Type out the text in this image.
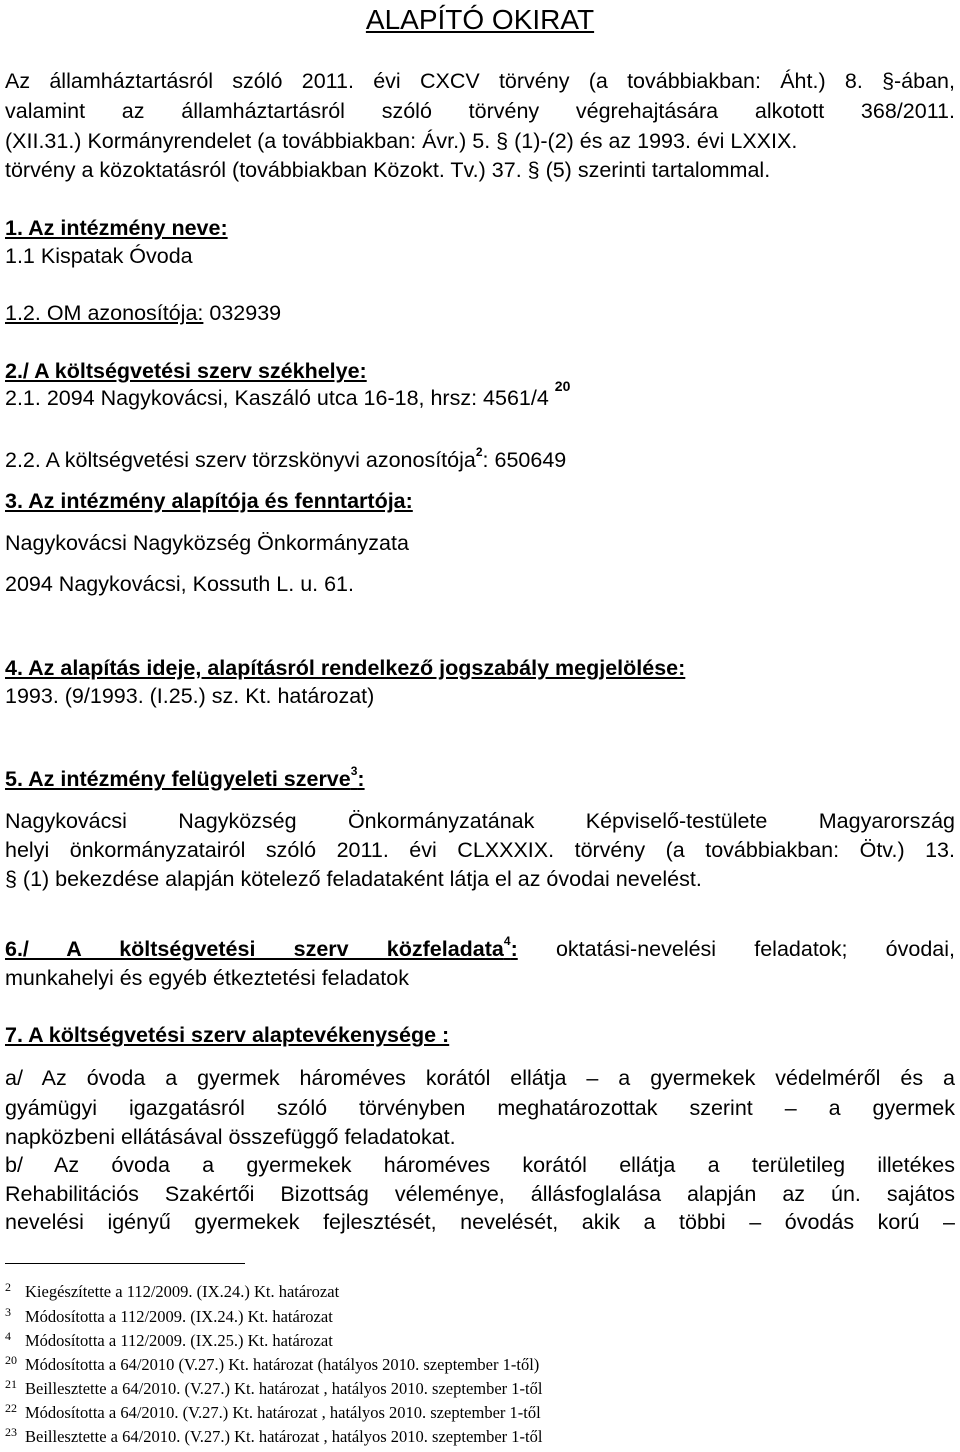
ALAPÍTÓ OKIRAT
Az államháztartásról szóló 2011. évi CXCV törvény (a továbbiakban: Áht.) 8. §-ában,
valamint az államháztartásról szóló törvény végrehajtására alkotott 368/2011.
(XII.31.) Kormányrendelet (a továbbiakban: Ávr.) 5. § (1)-(2) és az 1993. évi LXXIX.
törvény a közoktatásról (továbbiakban Közokt. Tv.) 37. § (5) szerinti tartalommal.
1. Az intézmény neve:
1.1 Kispatak Óvoda
1.2. OM azonosítója: 032939
2./ A költségvetési szerv székhelye:
2.1. 2094 Nagykovácsi, Kaszáló utca 16-18, hrsz: 4561/4 $^{20}$
2.2. A költségvetési szerv törzskönyvi azonosítója$^2$: 650649
3. Az intézmény alapítója és fenntartója:
Nagykovácsi Nagyközség Önkormányzata
2094 Nagykovácsi, Kossuth L. u. 61.
4. Az alapítás ideje, alapításról rendelkező jogszabály megjelölése:
1993. (9/1993. (I.25.) sz. Kt. határozat)
5. Az intézmény felügyeleti szerve$^3$:
Nagykovácsi Nagyközség Önkormányzatának Képviselő-testülete Magyarország
helyi önkormányzatairól szóló 2011. évi CLXXXIX. törvény (a továbbiakban: Ötv.) 13.
§ (1) bekezdése alapján kötelező feladataként látja el az óvodai nevelést.
6./ A költségvetési szerv közfeladata$^4$: oktatási-nevelési feladatok; óvodai,
munkahelyi és egyéb étkeztetési feladatok
7. A költségvetési szerv alaptevékenysége :
a/ Az óvoda a gyermek hároméves korától ellátja – a gyermekek védelméről és a
gyámügyi igazgatásról szóló törvényben meghatározottak szerint – a gyermek
napközbeni ellátásával összefüggő feladatokat.
b/ Az óvoda a gyermekek hároméves korától ellátja a területileg illetékes
Rehabilitációs Szakértői Bizottság véleménye, állásfoglalása alapján az ún. sajátos
nevelési igényű gyermekek fejlesztését, nevelését, akik a többi – óvodás korú –
2 Kiegészítette a 112/2009. (IX.24.) Kt. határozat
3 Módosította a 112/2009. (IX.24.) Kt. határozat
4 Módosította a 112/2009. (IX.25.) Kt. határozat
20 Módosította a 64/2010 (V.27.) Kt. határozat (hatályos 2010. szeptember 1-től)
21 Beillesztette a 64/2010. (V.27.) Kt. határozat , hatályos 2010. szeptember 1-től
22 Módosította a 64/2010. (V.27.) Kt. határozat , hatályos 2010. szeptember 1-től
23 Beillesztette a 64/2010. (V.27.) Kt. határozat , hatályos 2010. szeptember 1-től
